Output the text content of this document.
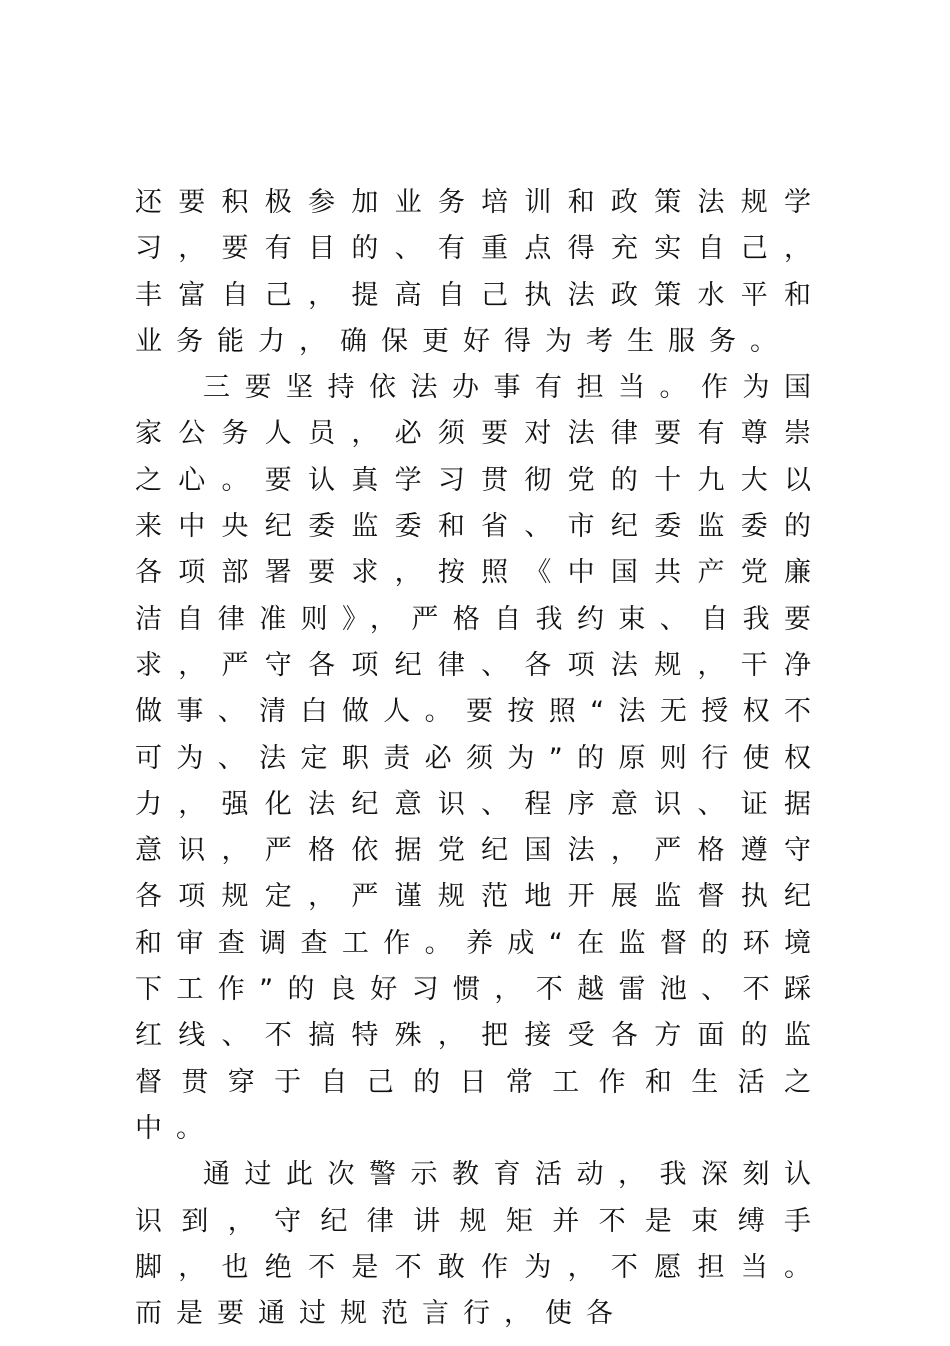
还要积极参加业务培训和政策法规学习，要有目的、有重点得充实自己，丰富自己，提高自己执法政策水平和业务能力，确保更好得为考生服务。

三要坚持依法办事有担当。作为国家公务人员，必须要对法律要有尊崇之心。要认真学习贯彻党的十九大以来中央纪委监委和省、市纪委监委的各项部署要求，按照《中国共产党廉洁自律准则》，严格自我约束、自我要求，严守各项纪律、各项法规，干净做事、清白做人。要按照“法无授权不可为、法定职责必须为”的原则行使权力，强化法纪意识、程序意识、证据意识，严格依据党纪国法，严格遵守各项规定，严谨规范地开展监督执纪和审查调查工作。养成“在监督的环境下工作”的良好习惯，不越雷池、不踩红线、不搞特殊，把接受各方面的监督贯穿于自己的日常工作和生活之中。

通过此次警示教育活动，我深刻认识到，守纪律讲规矩并不是束缚手脚，也绝不是不敢作为，不愿担当。而是要通过规范言行，使各
